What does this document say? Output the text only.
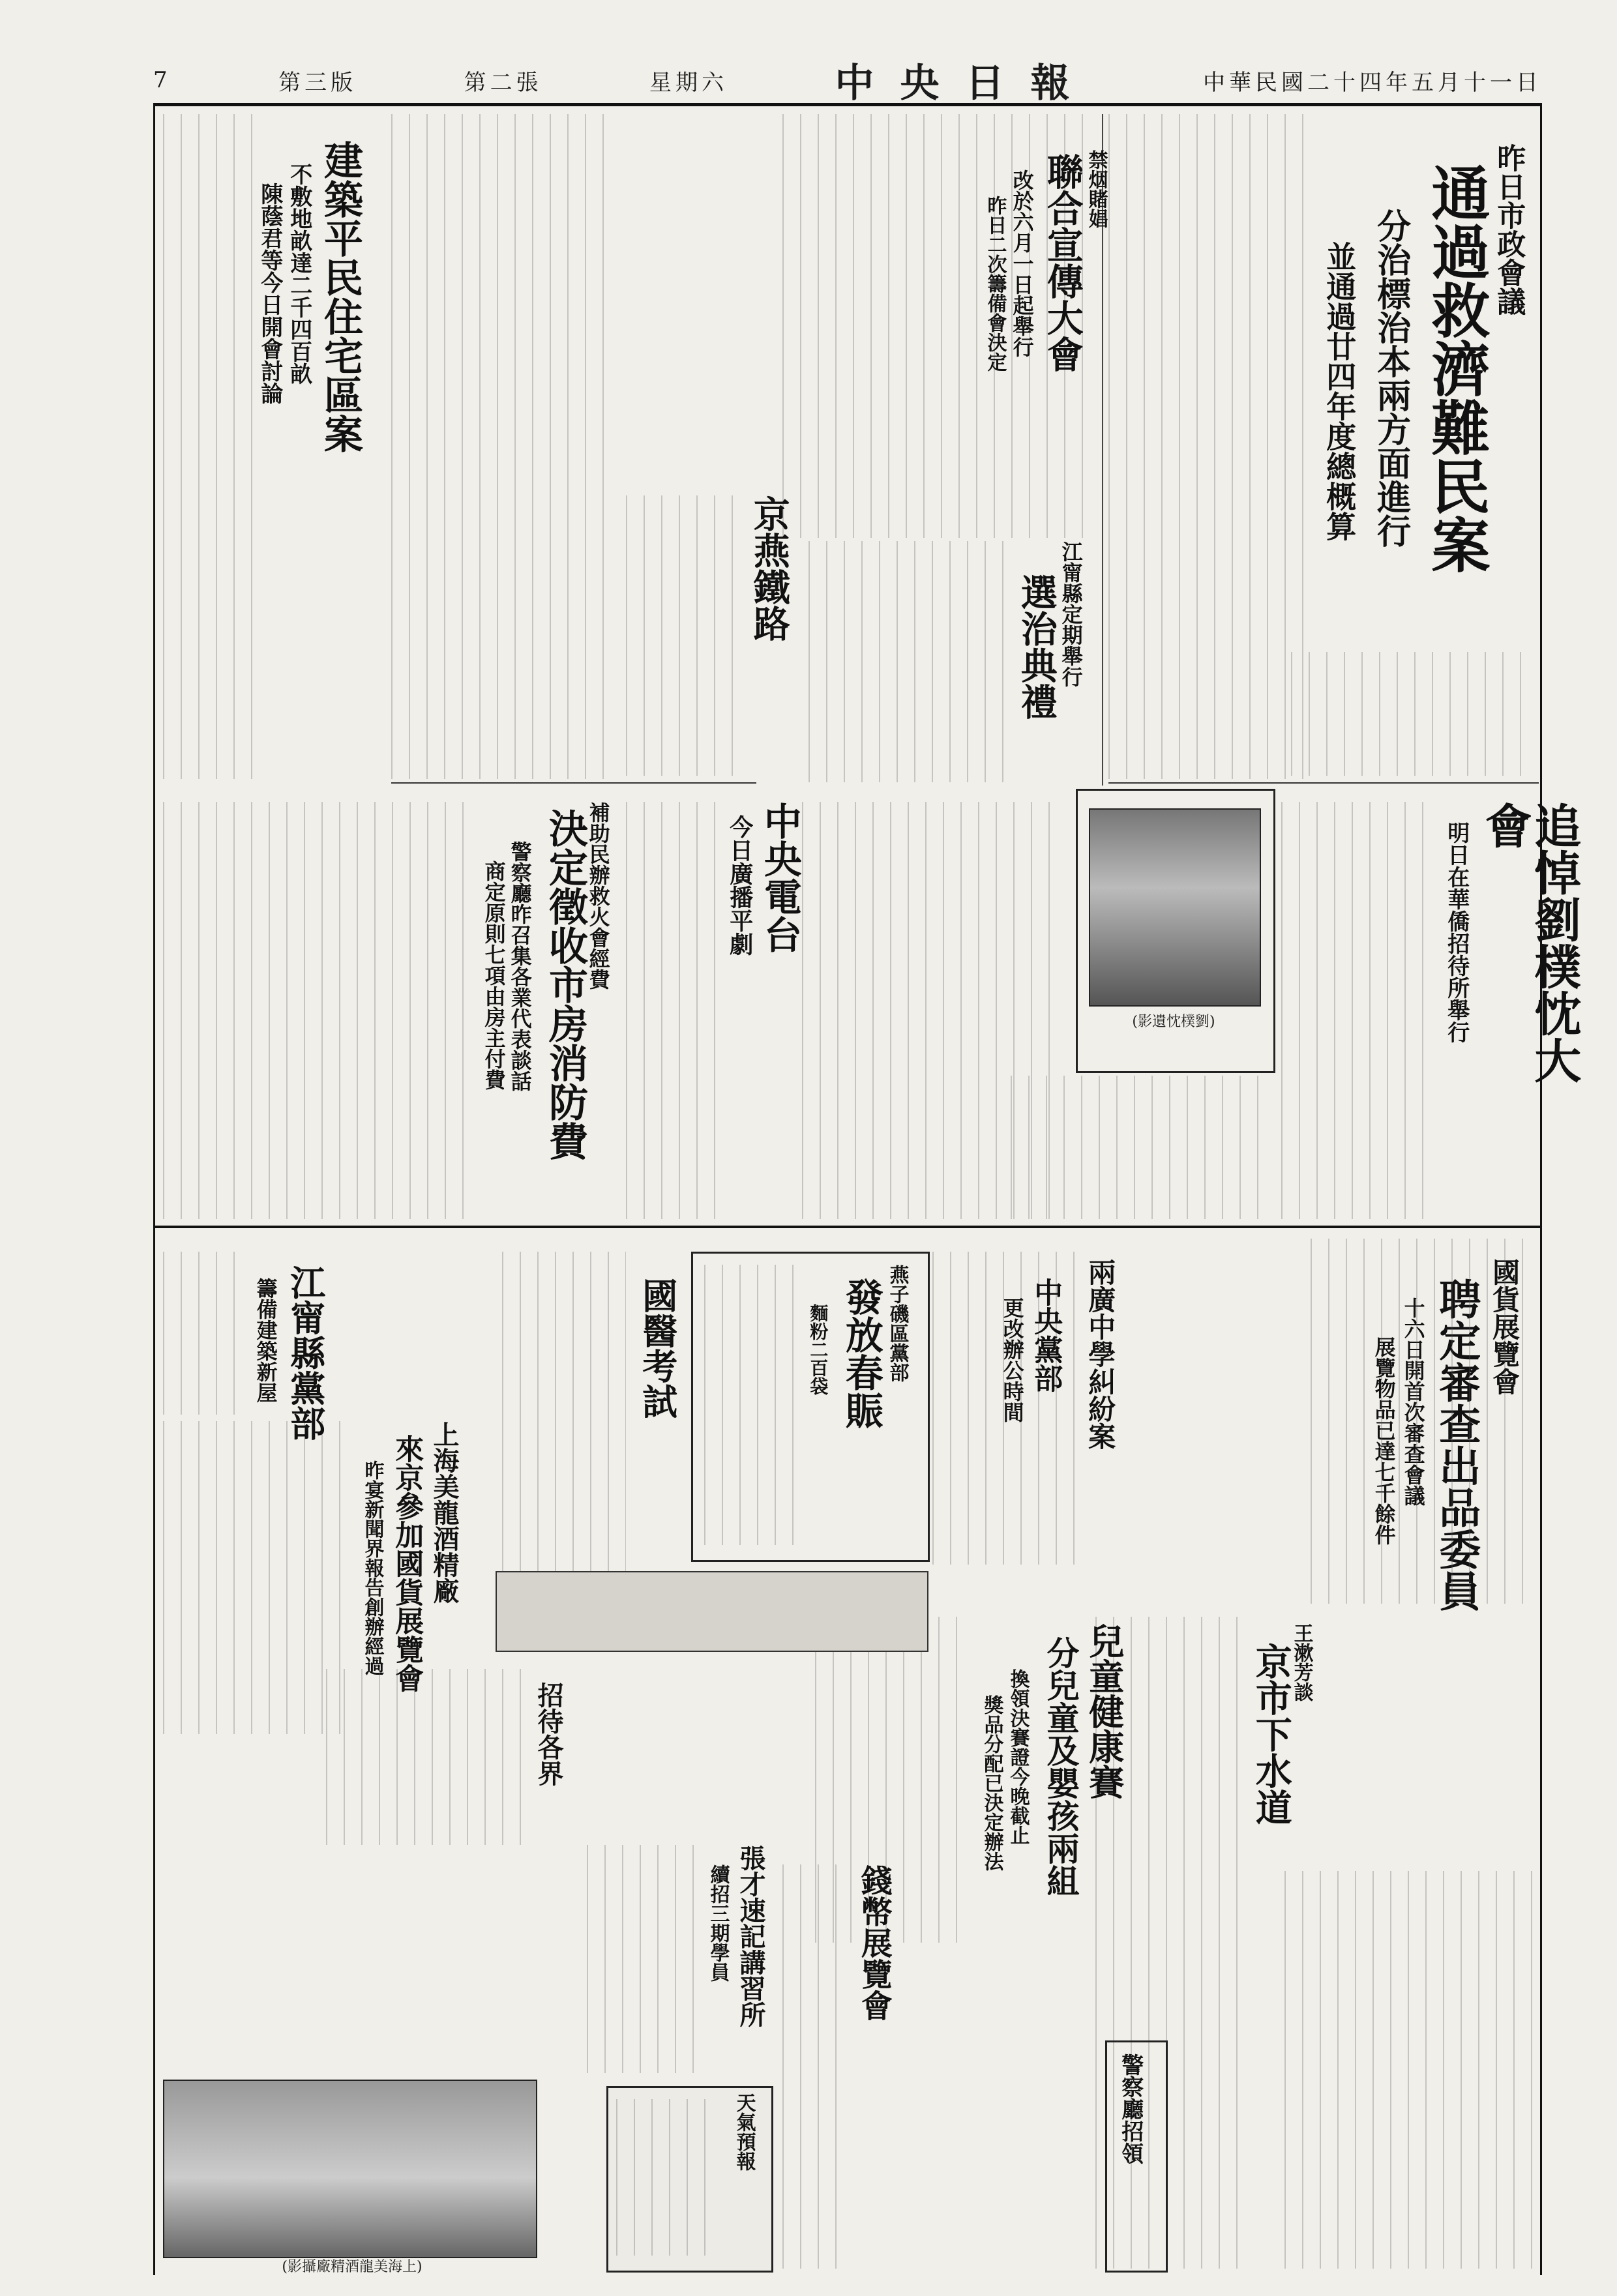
7	第三版	第二張	星期六	中央日報	中華民國二十四年五月十一日
昨日市政會議
通過救濟難民案
分治標治本兩方面進行
並通過廿四年度總概算
追悼劉樸忱大會
明日在華僑招待所舉行
(影遺忱樸劉)
江甯縣定期舉行
選治典禮
中央電台
今日廣播平劇
補助民辦救火會經費
決定徵收市房消防費
警察廳昨召集各業代表談話
商定原則七項由房主付費
京燕鐵路
禁烟賭娼
聯合宣傳大會
改於六月一日起舉行
昨日二次籌備會決定
建築平民住宅區案
不敷地畝達二千四百畝
陳蔭君等今日開會討論
國貨展覽會
聘定審查出品委員
十六日開首次審查會議
展覽物品已達七千餘件
王漱芳談
京市下水道
兒童健康賽
分兒童及嬰孩兩組
換領決賽證今晚截止
獎品分配已決定辦法
兩廣中學糾紛案
中央黨部
更改辦公時間
燕子磯區黨部
發放春賑
麵粉二百袋
國醫考試
上海美龍酒精廠
來京參加國貨展覽會
昨宴新聞界報告創辦經過
江甯縣黨部
籌備建築新屋
錢幣展覽會
張才速記講習所
續招三期學員
招待各界
警察廳招領
天氣預報
(影攝廠精酒龍美海上)
